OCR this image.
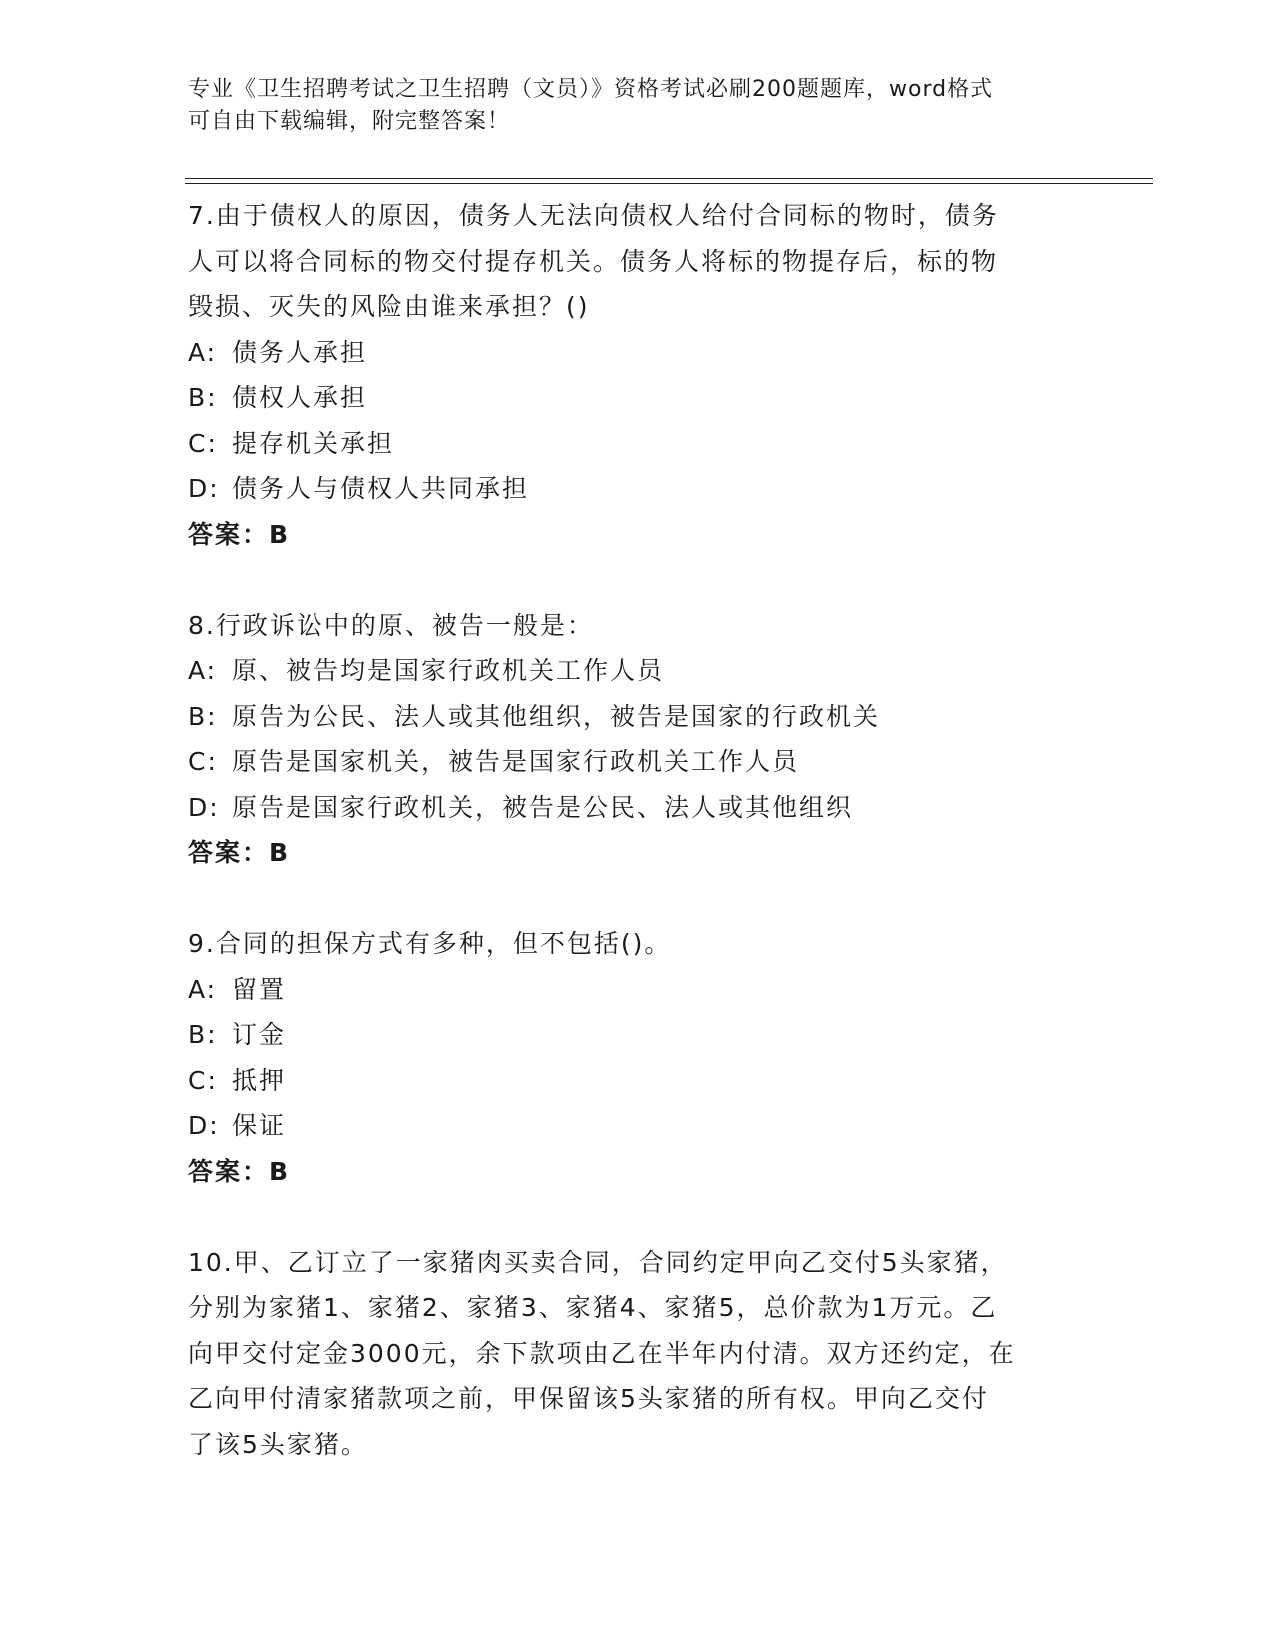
专业《卫生招聘考试之卫生招聘（文员）》资格考试必刷200题题库，word格式
可自由下载编辑，附完整答案！
7.由于债权人的原因，债务人无法向债权人给付合同标的物时，债务
人可以将合同标的物交付提存机关。债务人将标的物提存后，标的物
毁损、灭失的风险由谁来承担？()
A: 债务人承担
B: 债权人承担
C: 提存机关承担
D: 债务人与债权人共同承担
答案：B
8.行政诉讼中的原、被告一般是：
A: 原、被告均是国家行政机关工作人员
B: 原告为公民、法人或其他组织，被告是国家的行政机关
C: 原告是国家机关，被告是国家行政机关工作人员
D: 原告是国家行政机关，被告是公民、法人或其他组织
答案：B
9.合同的担保方式有多种，但不包括()。
A: 留置
B: 订金
C: 抵押
D: 保证
答案：B
10.甲、乙订立了一家猪肉买卖合同，合同约定甲向乙交付5头家猪，
分别为家猪1、家猪2、家猪3、家猪4、家猪5，总价款为1万元。乙
向甲交付定金3000元，余下款项由乙在半年内付清。双方还约定，在
乙向甲付清家猪款项之前，甲保留该5头家猪的所有权。甲向乙交付
了该5头家猪。
